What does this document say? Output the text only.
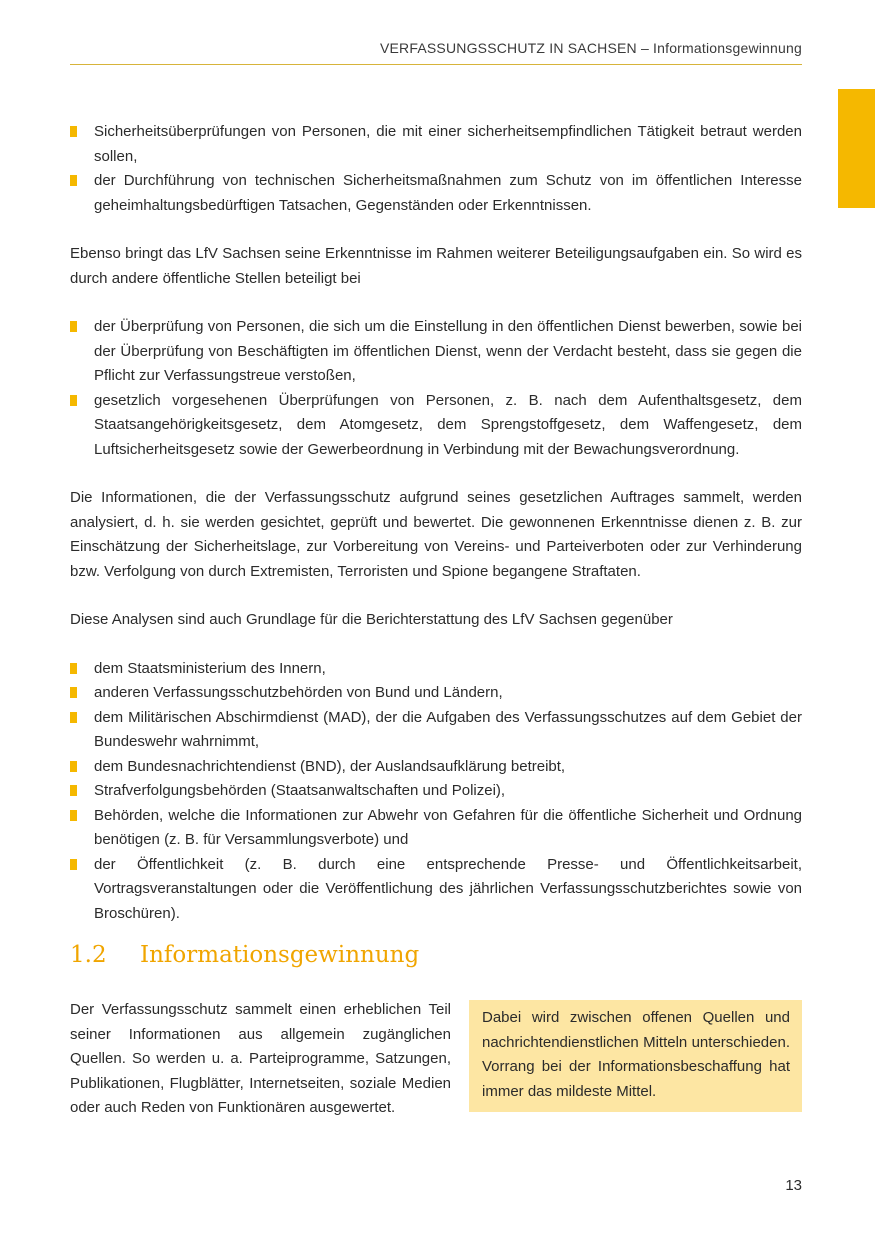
VERFASSUNGSSCHUTZ IN SACHSEN – Informationsgewinnung
Sicherheitsüberprüfungen von Personen, die mit einer sicherheitsempfindlichen Tätigkeit betraut werden sollen,
der Durchführung von technischen Sicherheitsmaßnahmen zum Schutz von im öffentlichen Interesse geheimhaltungsbedürftigen Tatsachen, Gegenständen oder Erkenntnissen.

Ebenso bringt das LfV Sachsen seine Erkenntnisse im Rahmen weiterer Beteiligungsaufgaben ein. So wird es durch andere öffentliche Stellen beteiligt bei

der Überprüfung von Personen, die sich um die Einstellung in den öffentlichen Dienst bewerben, sowie bei der Überprüfung von Beschäftigten im öffentlichen Dienst, wenn der Verdacht besteht, dass sie gegen die Pflicht zur Verfassungstreue verstoßen,
gesetzlich vorgesehenen Überprüfungen von Personen, z. B. nach dem Aufenthaltsgesetz, dem Staatsangehörigkeitsgesetz, dem Atomgesetz, dem Sprengstoffgesetz, dem Waffengesetz, dem Luftsicherheitsgesetz sowie der Gewerbeordnung in Verbindung mit der Bewachungsverordnung.

Die Informationen, die der Verfassungsschutz aufgrund seines gesetzlichen Auftrages sammelt, werden analysiert, d. h. sie werden gesichtet, geprüft und bewertet. Die gewonnenen Erkenntnisse dienen z. B. zur Einschätzung der Sicherheitslage, zur Vorbereitung von Vereins- und Parteiverboten oder zur Verhinderung bzw. Verfolgung von durch Extremisten, Terroristen und Spione begangene Straftaten.

Diese Analysen sind auch Grundlage für die Berichterstattung des LfV Sachsen gegenüber

dem Staatsministerium des Innern,
anderen Verfassungsschutzbehörden von Bund und Ländern,
dem Militärischen Abschirmdienst (MAD), der die Aufgaben des Verfassungsschutzes auf dem Gebiet der Bundeswehr wahrnimmt,
dem Bundesnachrichtendienst (BND), der Auslandsaufklärung betreibt,
Strafverfolgungsbehörden (Staatsanwaltschaften und Polizei),
Behörden, welche die Informationen zur Abwehr von Gefahren für die öffentliche Sicherheit und Ordnung benötigen (z. B. für Versammlungsverbote) und
der Öffentlichkeit (z. B. durch eine entsprechende Presse- und Öffentlichkeitsarbeit, Vortragsveranstaltungen oder die Veröffentlichung des jährlichen Verfassungsschutzberichtes sowie von Broschüren).
1.2 Informationsgewinnung
Der Verfassungsschutz sammelt einen erheblichen Teil seiner Informationen aus allgemein zugänglichen Quellen. So werden u. a. Parteiprogramme, Satzungen, Publikationen, Flugblätter, Internetseiten, soziale Medien oder auch Reden von Funktionären ausgewertet.
Dabei wird zwischen offenen Quellen und nachrichtendienstlichen Mitteln unterschieden. Vorrang bei der Informationsbeschaffung hat immer das mildeste Mittel.
13
